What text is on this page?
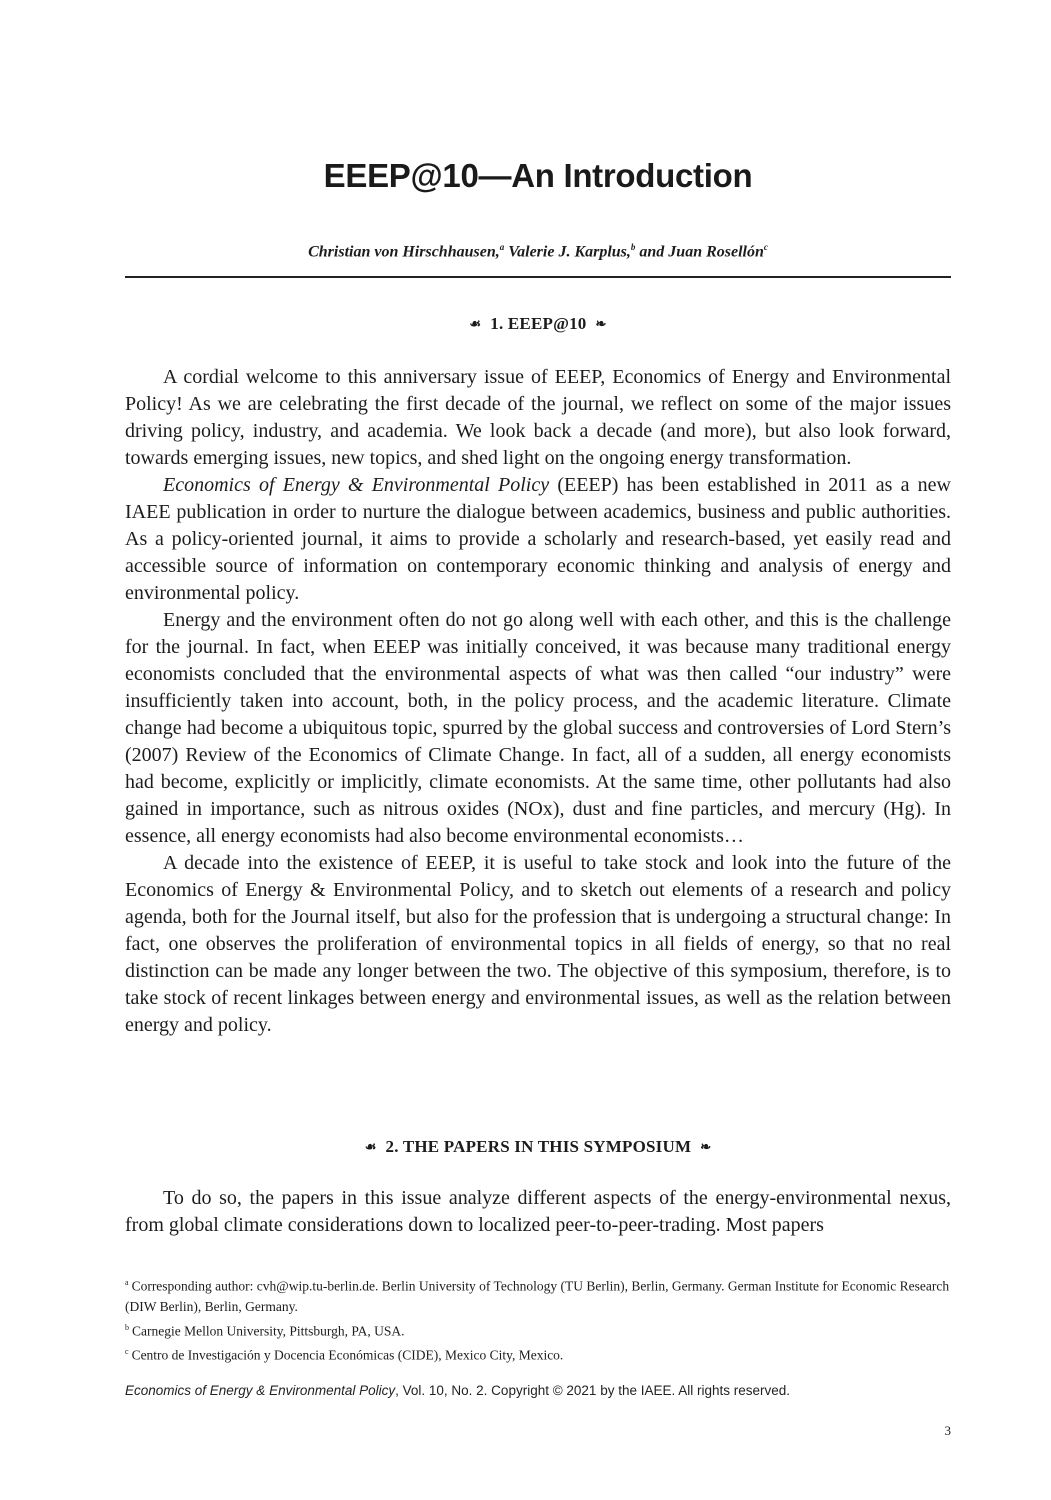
EEEP@10—An Introduction
Christian von Hirschhausen,$^a$ Valerie J. Karplus,$^b$ and Juan Rosellón$^c$
☙ 1. EEEP@10 ❧

A cordial welcome to this anniversary issue of EEEP, Economics of Energy and Environmental Policy! As we are celebrating the first decade of the journal, we reflect on some of the major issues driving policy, industry, and academia. We look back a decade (and more), but also look forward, towards emerging issues, new topics, and shed light on the ongoing energy transformation.

Economics of Energy & Environmental Policy (EEEP) has been established in 2011 as a new IAEE publication in order to nurture the dialogue between academics, business and public authorities. As a policy-oriented journal, it aims to provide a scholarly and research-based, yet easily read and accessible source of information on contemporary economic thinking and analysis of energy and environmental policy.

Energy and the environment often do not go along well with each other, and this is the challenge for the journal. In fact, when EEEP was initially conceived, it was because many traditional energy economists concluded that the environmental aspects of what was then called “our industry” were insufficiently taken into account, both, in the policy process, and the academic literature. Climate change had become a ubiquitous topic, spurred by the global success and controversies of Lord Stern’s (2007) Review of the Economics of Climate Change. In fact, all of a sudden, all energy economists had become, explicitly or implicitly, climate economists. At the same time, other pollutants had also gained in importance, such as nitrous oxides (NOx), dust and fine particles, and mercury (Hg). In essence, all energy economists had also become environmental economists…

A decade into the existence of EEEP, it is useful to take stock and look into the future of the Economics of Energy & Environmental Policy, and to sketch out elements of a research and policy agenda, both for the Journal itself, but also for the profession that is undergoing a structural change: In fact, one observes the proliferation of environmental topics in all fields of energy, so that no real distinction can be made any longer between the two. The objective of this symposium, therefore, is to take stock of recent linkages between energy and environmental issues, as well as the relation between energy and policy.

☙ 2. THE PAPERS IN THIS SYMPOSIUM ❧

To do so, the papers in this issue analyze different aspects of the energy-environmental nexus, from global climate considerations down to localized peer-to-peer-trading. Most papers

$^a$ Corresponding author: cvh@wip.tu-berlin.de. Berlin University of Technology (TU Berlin), Berlin, Germany. German Institute for Economic Research (DIW Berlin), Berlin, Germany.
$^b$ Carnegie Mellon University, Pittsburgh, PA, USA.
$^c$ Centro de Investigación y Docencia Económicas (CIDE), Mexico City, Mexico.
Economics of Energy & Environmental Policy, Vol. 10, No. 2. Copyright © 2021 by the IAEE. All rights reserved.
3
